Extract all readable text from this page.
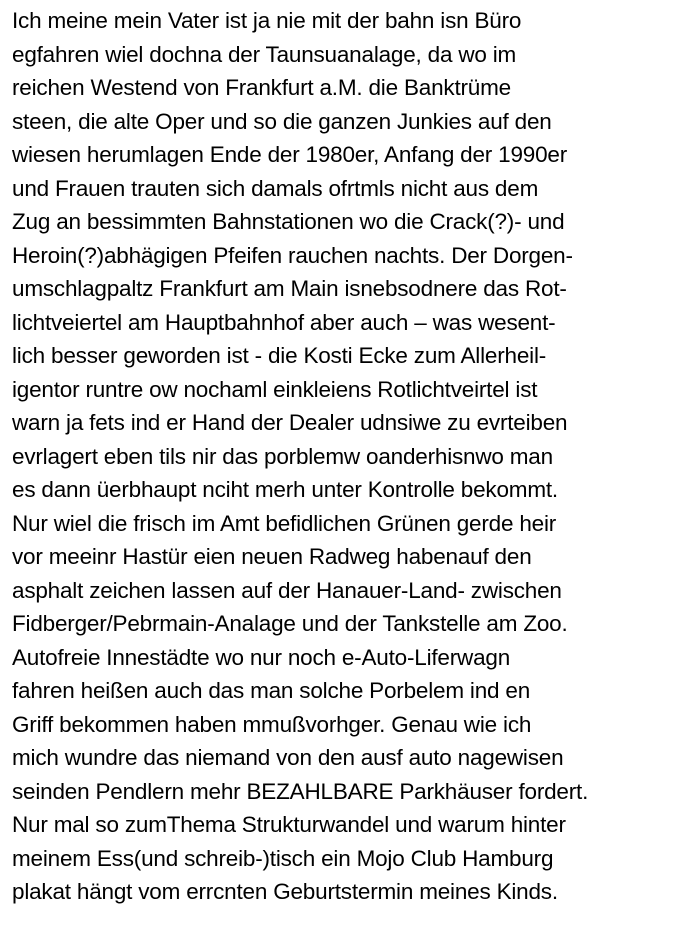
Ich meine mein Vater ist ja nie mit der bahn isn Büro
egfahren wiel dochna der Taunsuanalage, da wo im
reichen Westend von Frankfurt a.M. die Banktrüme
steen, die alte Oper und so die ganzen Junkies auf den
wiesen herumlagen Ende der 1980er, Anfang der 1990er
und Frauen trauten sich damals ofrtmls nicht aus dem
Zug an bessimmten Bahnstationen wo die Crack(?)- und
Heroin(?)abhägigen Pfeifen rauchen nachts. Der Dorgen-
umschlagpaltz Frankfurt am Main isnebsodnere das Rot-
lichtveiertel am Hauptbahnhof aber auch – was wesent-
lich besser geworden ist - die Kosti Ecke zum Allerheil-
igentor runtre ow nochaml einkleiens Rotlichtveirtel ist
warn ja fets ind er Hand der Dealer udnsiwe zu evrteiben
evrlagert eben tils nir das porblemw oanderhisnwo man
es dann üerbhaupt nciht merh unter Kontrolle bekommt.
Nur wiel die frisch im Amt befidlichen Grünen gerde heir
vor meeinr Hastür eien neuen Radweg habenauf den
asphalt zeichen lassen auf der Hanauer-Land- zwischen
Fidberger/Pebrmain-Analage und der Tankstelle am Zoo.
Autofreie Innestädte wo nur noch e-Auto-Liferwagn
fahren heißen auch das man solche Porbelem ind en
Griff bekommen haben mmußvorhger. Genau wie ich
mich wundre das niemand von den ausf auto nagewisen
seinden Pendlern mehr BEZAHLBARE Parkhäuser fordert.
Nur mal so zumThema Strukturwandel und warum hinter
meinem Ess(und schreib-)tisch ein Mojo Club Hamburg
plakat hängt vom errcnten Geburtstermin meines Kinds.
